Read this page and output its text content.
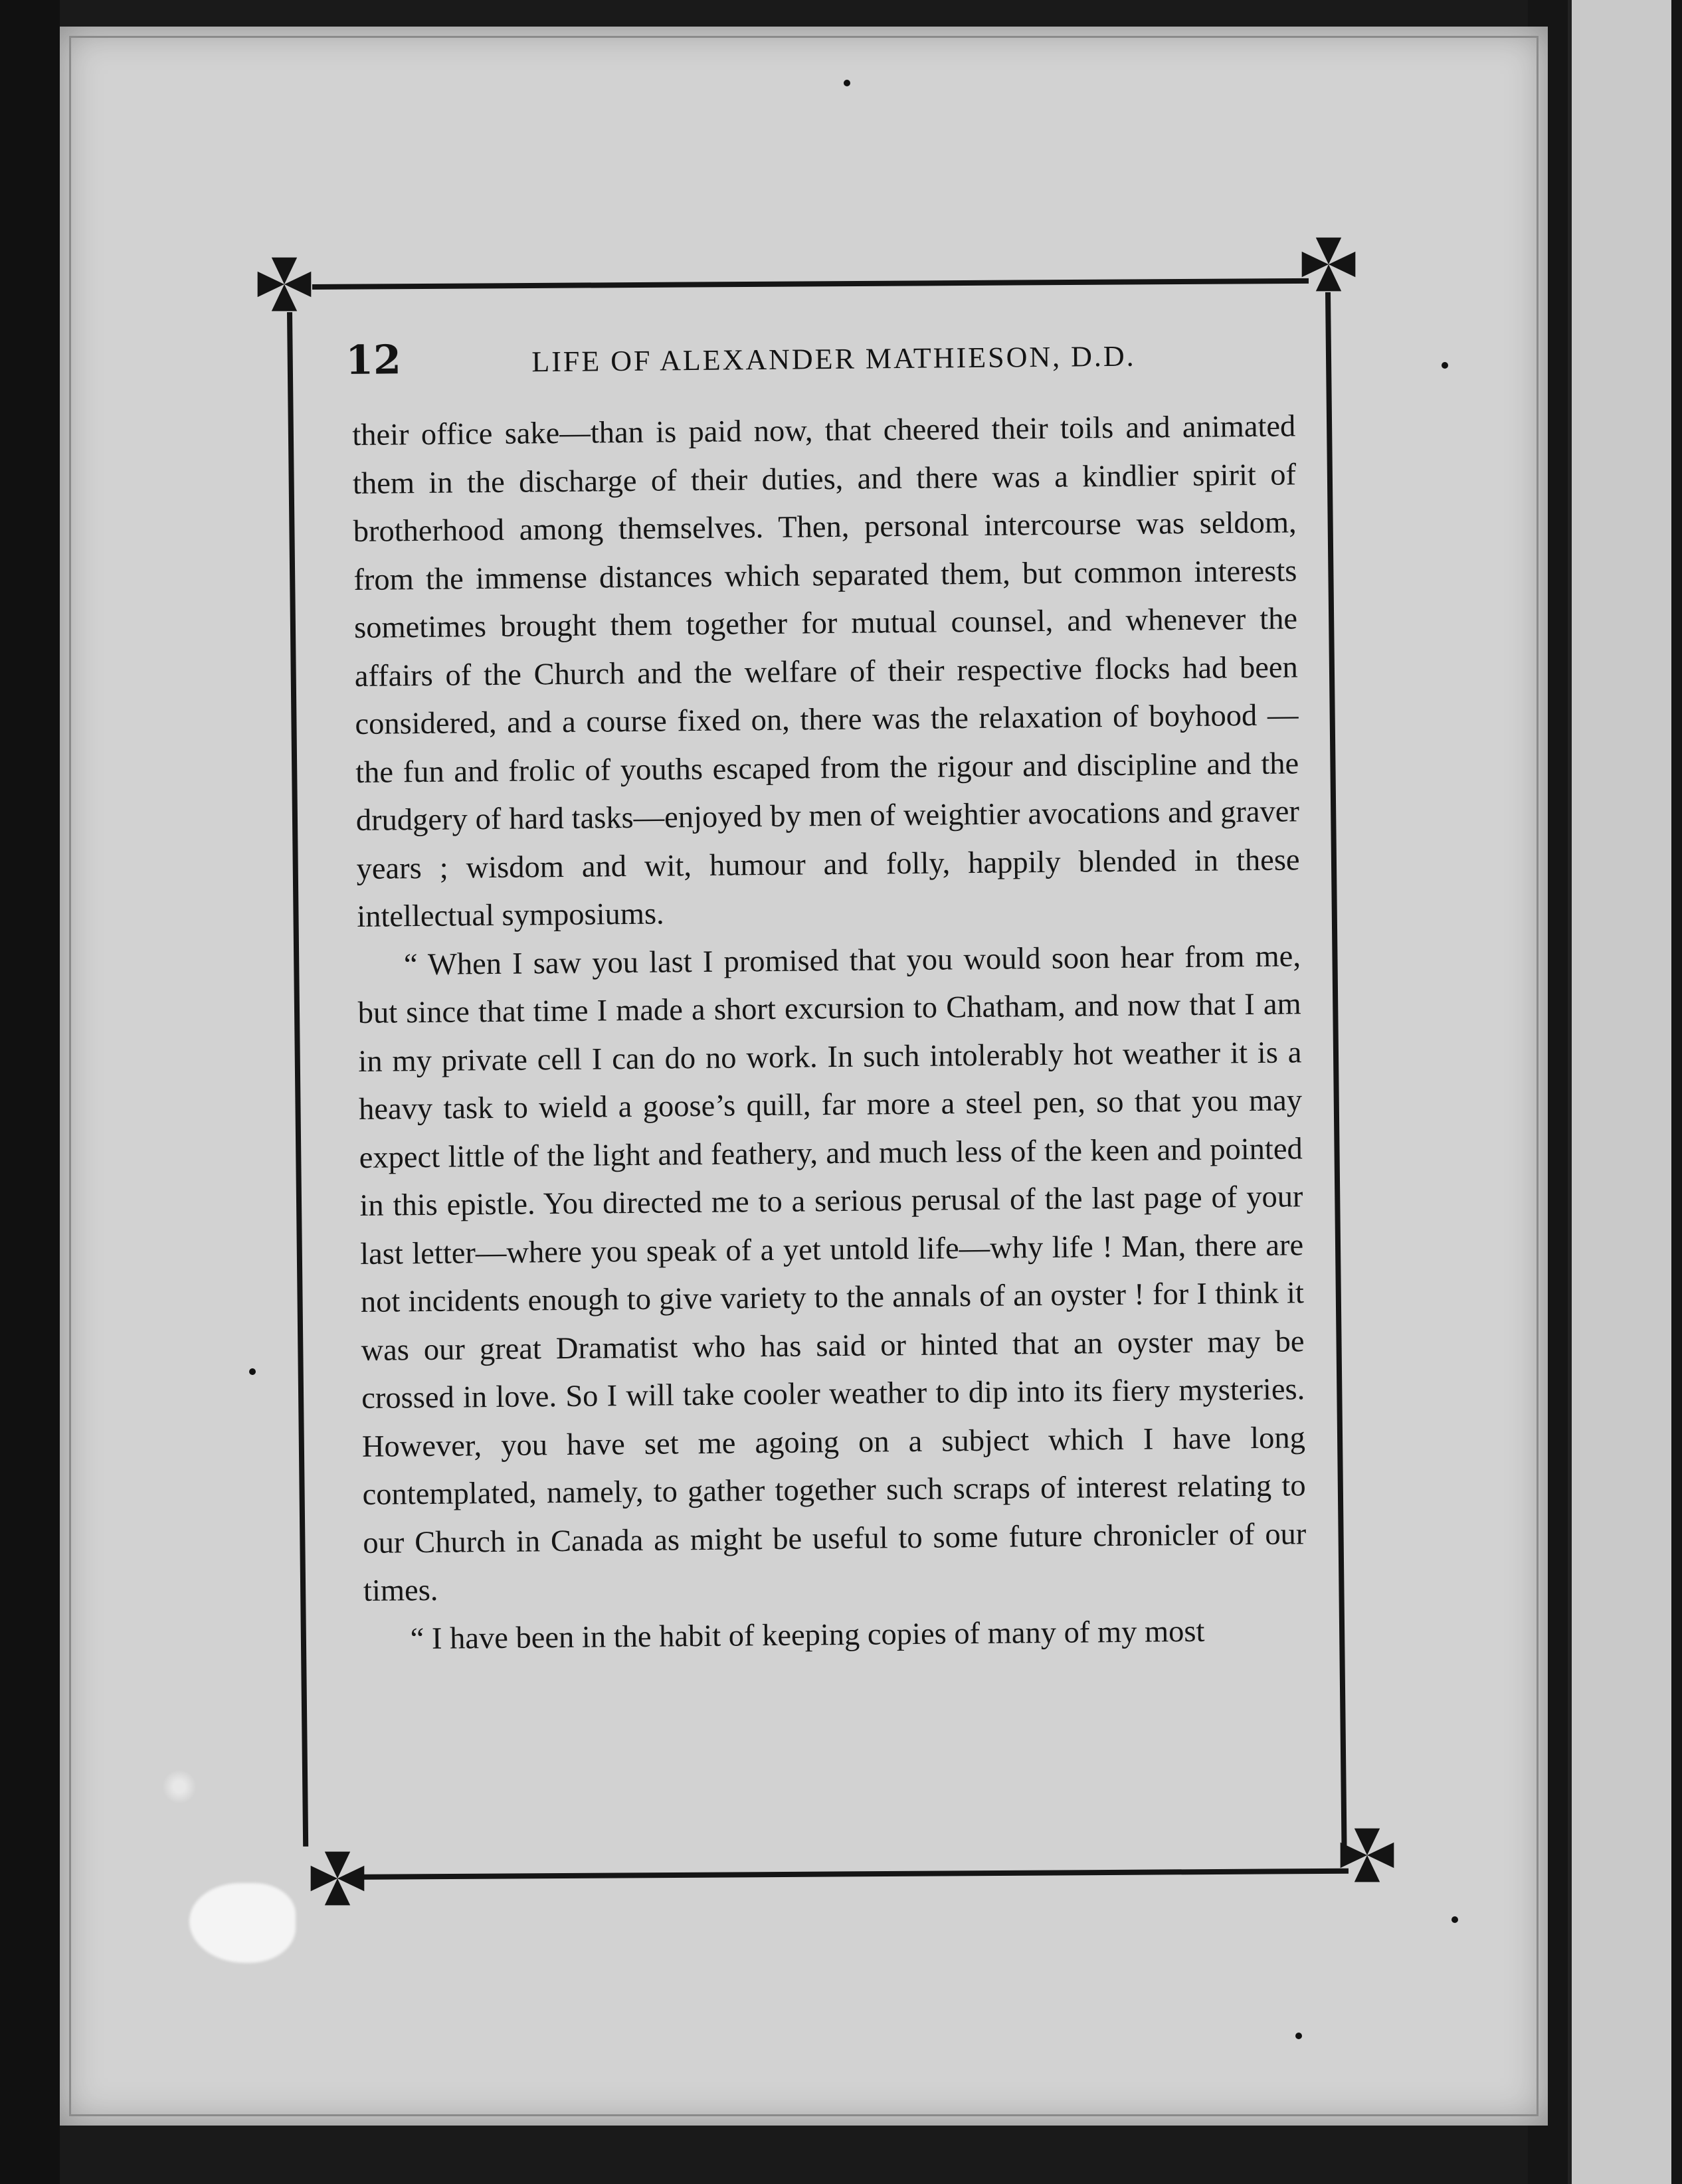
12	LIFE OF ALEXANDER MATHIESON, D.D.

their office sake—than is paid now, that cheered their toils and animated them in the discharge of their duties, and there was a kindlier spirit of brotherhood among themselves. Then, personal intercourse was seldom, from the immense distances which separated them, but common interests sometimes brought them together for mutual counsel, and whenever the affairs of the Church and the welfare of their respective flocks had been considered, and a course fixed on, there was the relaxation of boyhood — the fun and frolic of youths escaped from the rigour and discipline and the drudgery of hard tasks—enjoyed by men of weightier avocations and graver years ; wisdom and wit, humour and folly, happily blended in these intellectual symposiums.

“ When I saw you last I promised that you would soon hear from me, but since that time I made a short excursion to Chatham, and now that I am in my private cell I can do no work. In such intolerably hot weather it is a heavy task to wield a goose’s quill, far more a steel pen, so that you may expect little of the light and feathery, and much less of the keen and pointed in this epistle. You directed me to a serious perusal of the last page of your last letter—where you speak of a yet untold life—why life ! Man, there are not incidents enough to give variety to the annals of an oyster ! for I think it was our great Dramatist who has said or hinted that an oyster may be crossed in love. So I will take cooler weather to dip into its fiery mysteries. However, you have set me agoing on a subject which I have long contemplated, namely, to gather together such scraps of interest relating to our Church in Canada as might be useful to some future chronicler of our times.

“ I have been in the habit of keeping copies of many of my most
